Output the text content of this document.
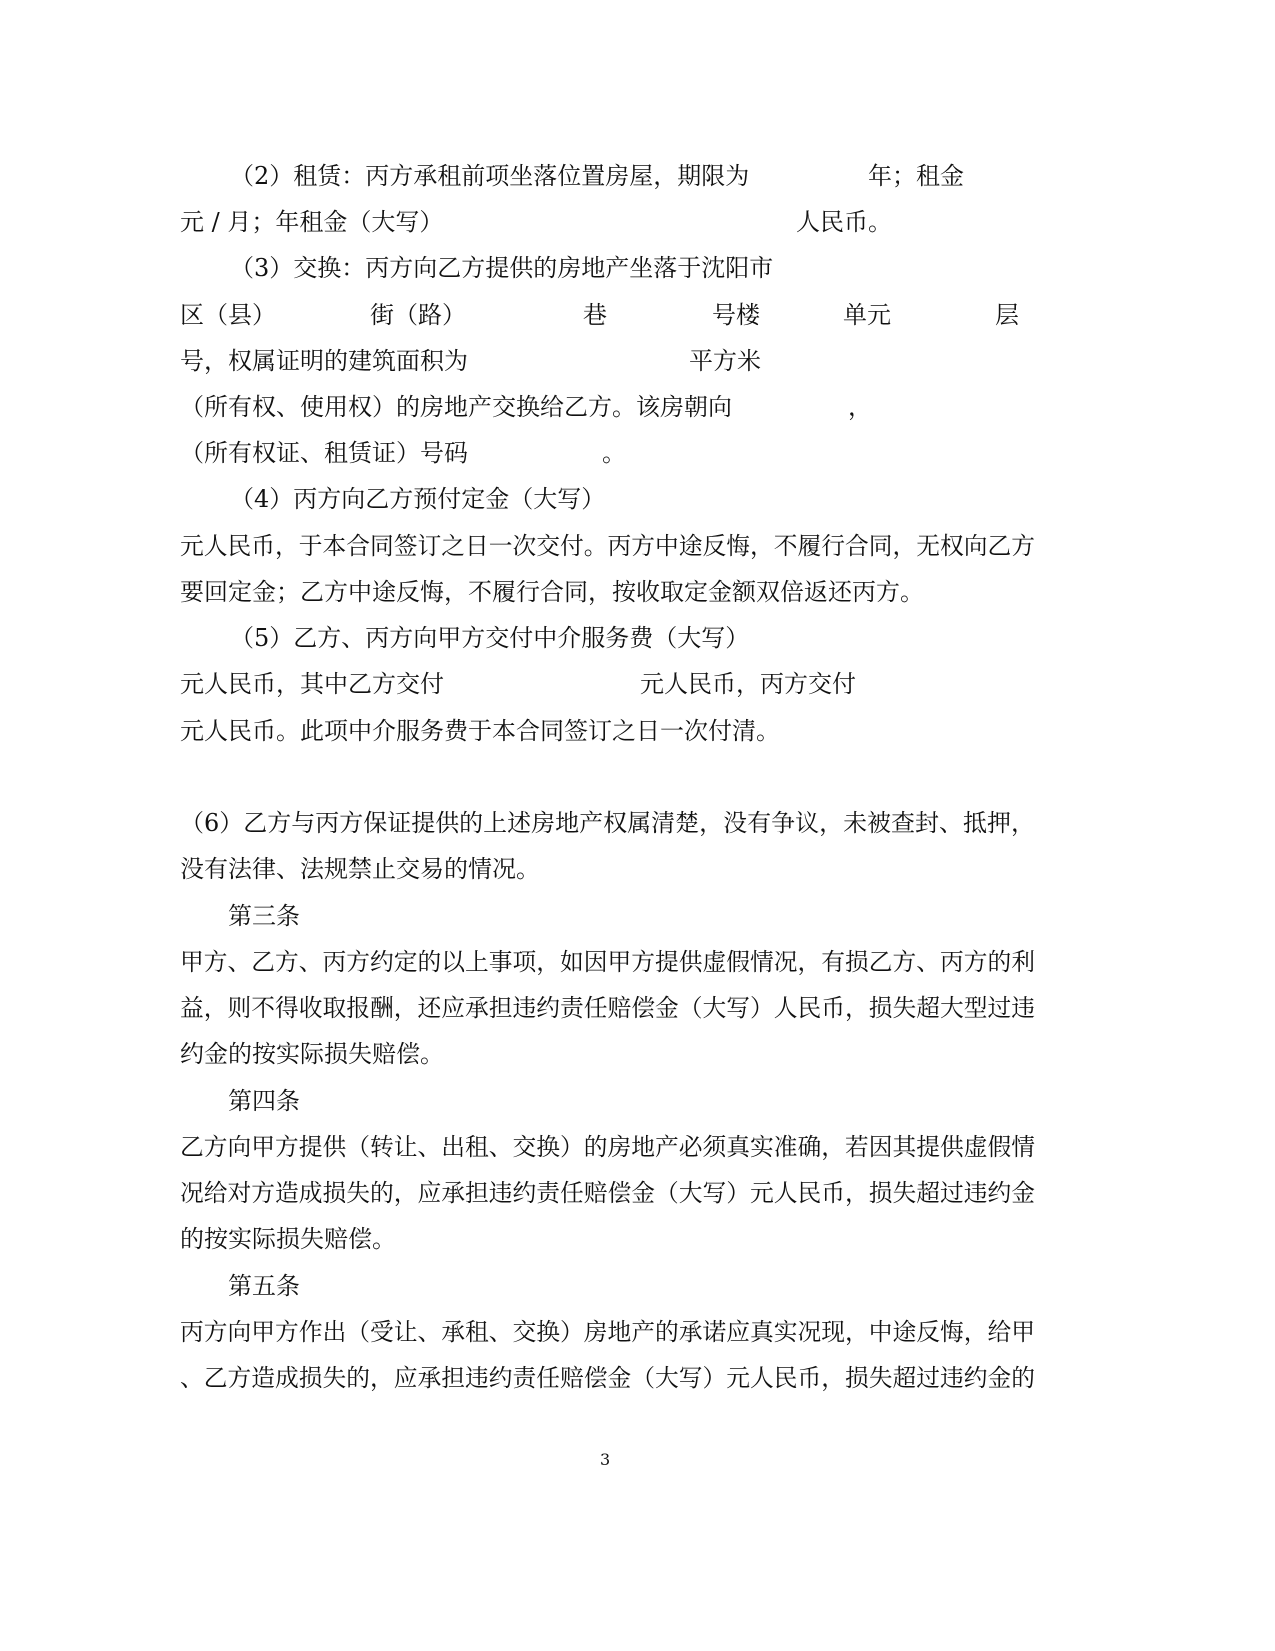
（2）租赁：丙方承租前项坐落位置房屋，期限为	年；租金
元 / 月；年租金（大写）	人民币。
（3）交换：丙方向乙方提供的房地产坐落于沈阳市
区（县）	街（路）	巷	号楼	单元	层
号，权属证明的建筑面积为	平方米
（所有权、使用权）的房地产交换给乙方。该房朝向	，
（所有权证、租赁证）号码	。
（4）丙方向乙方预付定金（大写）
元人民币，于本合同签订之日一次交付。丙方中途反悔，不履行合同，无权向乙方
要回定金；乙方中途反悔，不履行合同，按收取定金额双倍返还丙方。
（5）乙方、丙方向甲方交付中介服务费（大写）
元人民币，其中乙方交付	元人民币，丙方交付
元人民币。此项中介服务费于本合同签订之日一次付清。
（6）乙方与丙方保证提供的上述房地产权属清楚，没有争议，未被查封、抵押，
没有法律、法规禁止交易的情况。
第三条
甲方、乙方、丙方约定的以上事项，如因甲方提供虚假情况，有损乙方、丙方的利
益，则不得收取报酬，还应承担违约责任赔偿金（大写）人民币，损失超大型过违
约金的按实际损失赔偿。
第四条
乙方向甲方提供（转让、出租、交换）的房地产必须真实准确，若因其提供虚假情
况给对方造成损失的，应承担违约责任赔偿金（大写）元人民币，损失超过违约金
的按实际损失赔偿。
第五条
丙方向甲方作出（受让、承租、交换）房地产的承诺应真实况现，中途反悔，给甲
、乙方造成损失的，应承担违约责任赔偿金（大写）元人民币，损失超过违约金的
3
